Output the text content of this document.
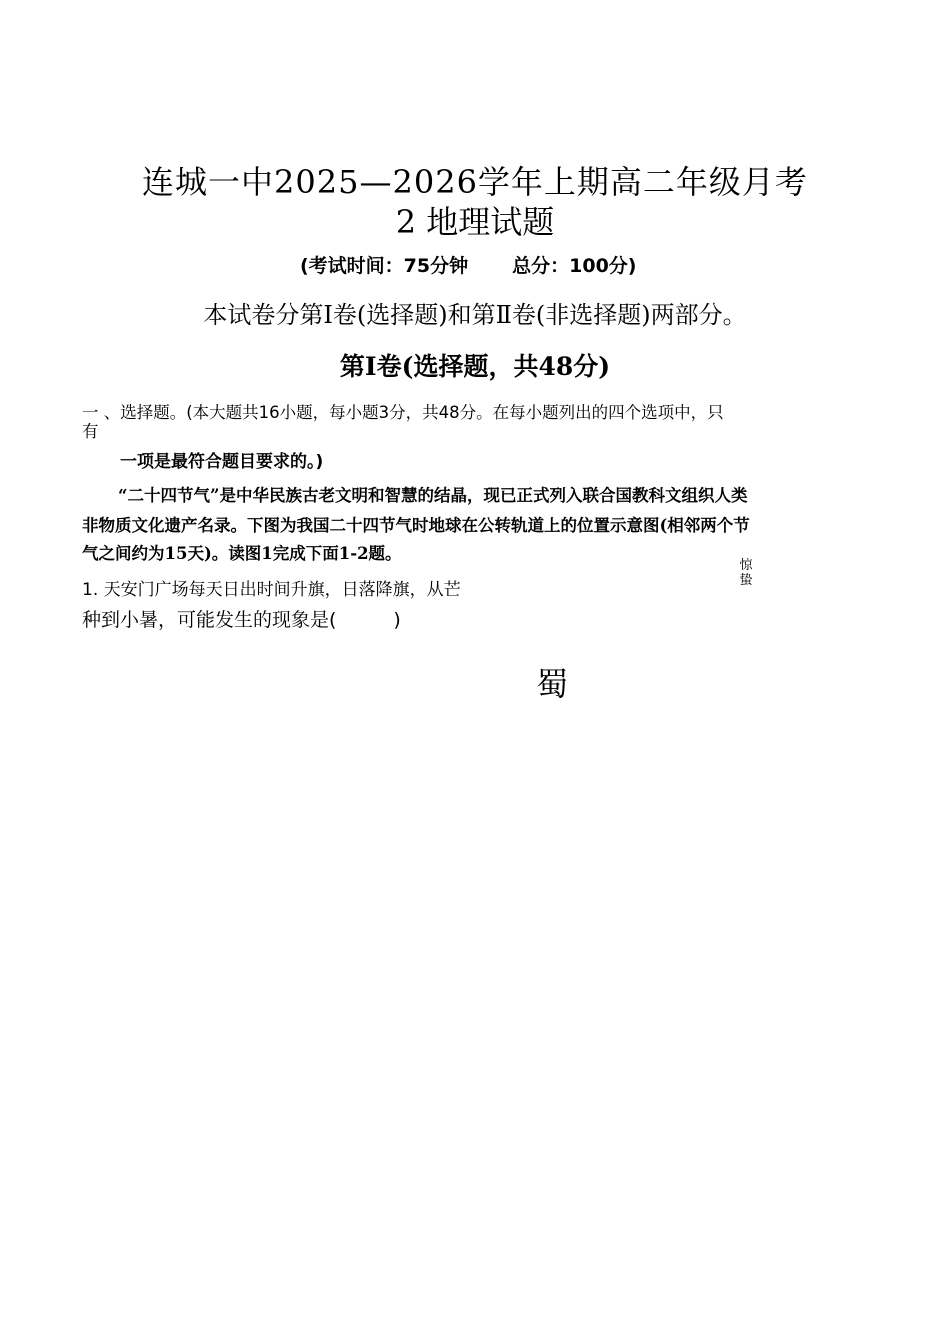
连城一中2025—2026学年上期高二年级月考
2 地理试题
(考试时间：75分钟 总分：100分)
本试卷分第Ⅰ卷(选择题)和第Ⅱ卷(非选择题)两部分。
第Ⅰ卷(选择题，共48分)
一 、选择题。(本大题共16小题，每小题3分，共48分。在每小题列出的四个选项中，只
有
一项是最符合题目要求的。)
“二十四节气”是中华民族古老文明和智慧的结晶，现已正式列入联合国教科文组织人类
非物质文化遗产名录。下图为我国二十四节气时地球在公转轨道上的位置示意图(相邻两个节
气之间约为15天)。读图1完成下面1-2题。
1. 天安门广场每天日出时间升旗，日落降旗，从芒
种到小暑，可能发生的现象是(　　　)
惊蛰
蜀
